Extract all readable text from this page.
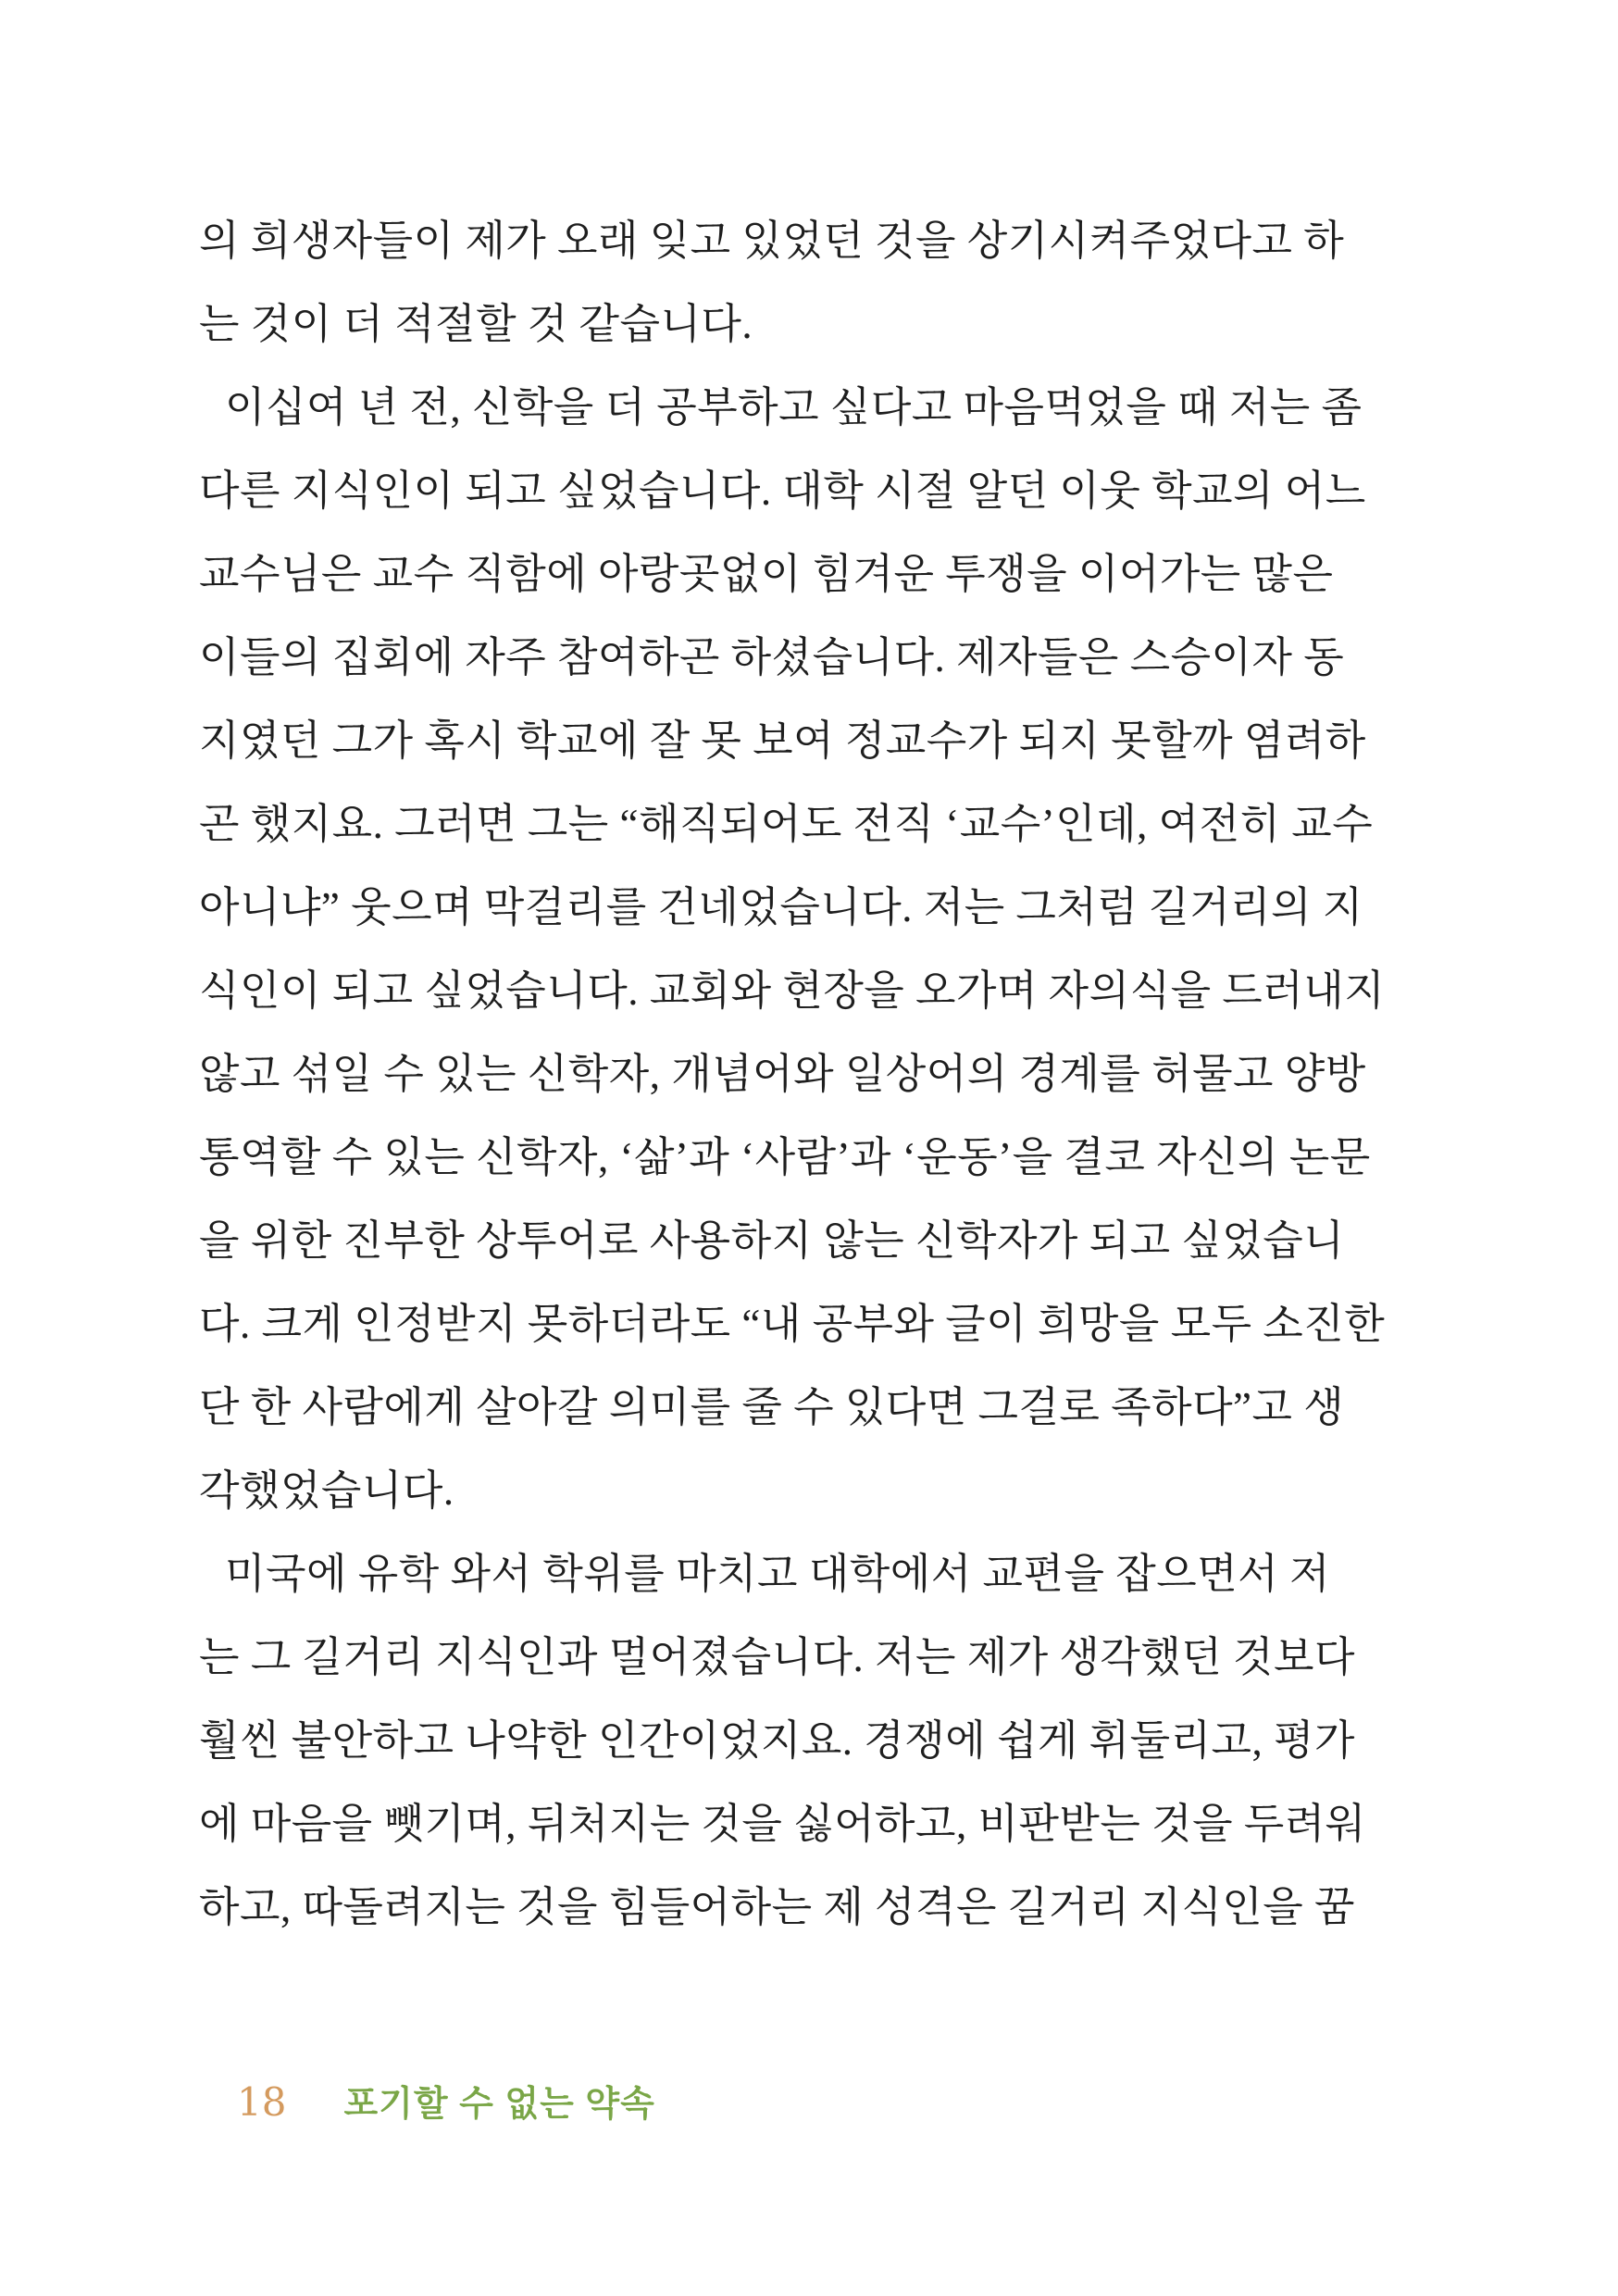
의 희생자들이 제가 오래 잊고 있었던 것을 상기시켜주었다고 하
는 것이 더 적절할 것 같습니다.
이십여 년 전, 신학을 더 공부하고 싶다고 마음먹었을 때 저는 좀
다른 지식인이 되고 싶었습니다. 대학 시절 알던 이웃 학교의 어느
교수님은 교수 직함에 아랑곳없이 힘겨운 투쟁을 이어가는 많은
이들의 집회에 자주 참여하곤 하셨습니다. 제자들은 스승이자 동
지였던 그가 혹시 학교에 잘 못 보여 정교수가 되지 못할까 염려하
곤 했지요. 그러면 그는 “해직되어도 전직 ‘교수’인데, 여전히 교수
아니냐” 웃으며 막걸리를 건네었습니다. 저는 그처럼 길거리의 지
식인이 되고 싶었습니다. 교회와 현장을 오가며 자의식을 드러내지
않고 섞일 수 있는 신학자, 개념어와 일상어의 경계를 허물고 양방
통역할 수 있는 신학자, ‘삶’과 ‘사람’과 ‘운동’을 결코 자신의 논문
을 위한 진부한 상투어로 사용하지 않는 신학자가 되고 싶었습니
다. 크게 인정받지 못하더라도 “내 공부와 글이 희망을 모두 소진한
단 한 사람에게 살아갈 의미를 줄 수 있다면 그걸로 족하다”고 생
각했었습니다.
미국에 유학 와서 학위를 마치고 대학에서 교편을 잡으면서 저
는 그 길거리 지식인과 멀어졌습니다. 저는 제가 생각했던 것보다
훨씬 불안하고 나약한 인간이었지요. 경쟁에 쉽게 휘둘리고, 평가
에 마음을 뺏기며, 뒤처지는 것을 싫어하고, 비판받는 것을 두려워
하고, 따돌려지는 것을 힘들어하는 제 성격은 길거리 지식인을 꿈
18 포기할 수 없는 약속
